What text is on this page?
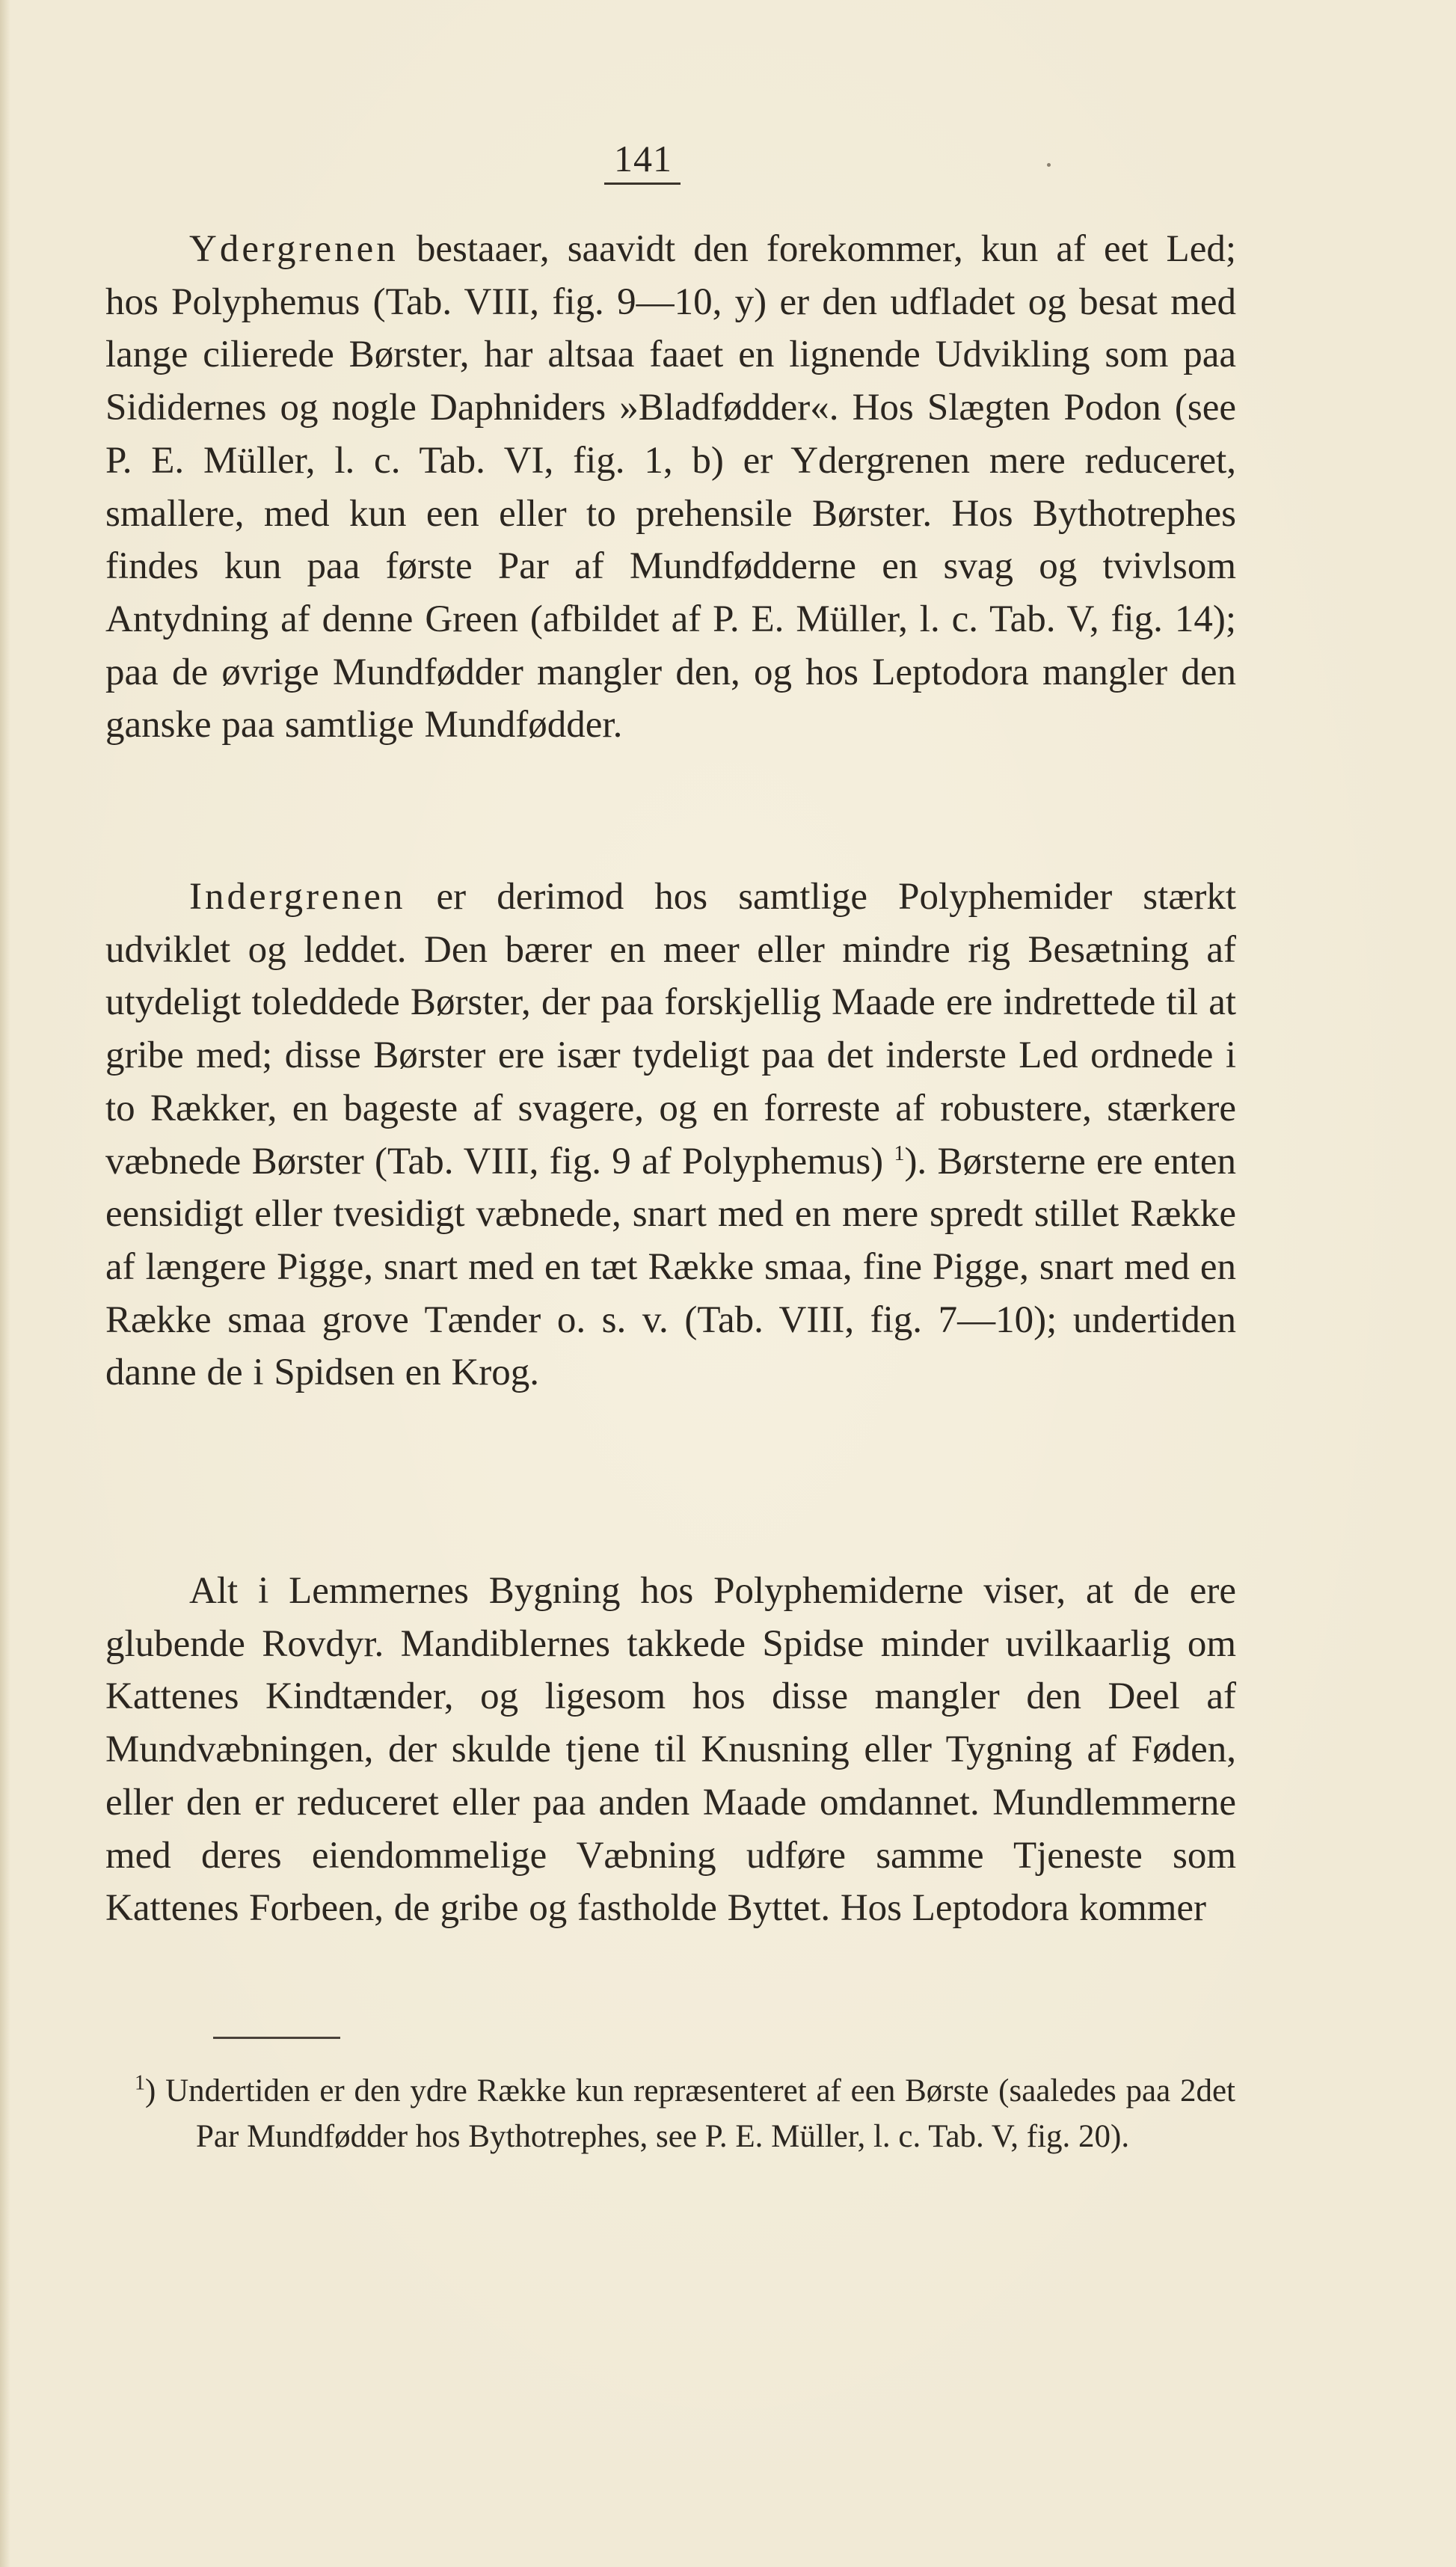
141

Ydergrenen bestaaer, saavidt den forekommer, kun af eet Led; hos Polyphemus (Tab. VIII, fig. 9—10, y) er den udfladet og besat med lange cilierede Børster, har altsaa faaet en lignende Udvikling som paa Sididernes og nogle Daphniders »Bladfødder«. Hos Slægten Podon (see P. E. Müller, l. c. Tab. VI, fig. 1, b) er Ydergrenen mere reduceret, smallere, med kun een eller to prehensile Børster. Hos Bythotrephes findes kun paa første Par af Mundfødderne en svag og tvivlsom Antydning af denne Green (afbildet af P. E. Müller, l. c. Tab. V, fig. 14); paa de øvrige Mundfødder mangler den, og hos Leptodora mangler den ganske paa samtlige Mundfødder.

Indergrenen er derimod hos samtlige Polyphemider stærkt udviklet og leddet. Den bærer en meer eller mindre rig Besætning af utydeligt toleddede Børster, der paa forskjellig Maade ere indrettede til at gribe med; disse Børster ere især tydeligt paa det inderste Led ordnede i to Rækker, en bageste af svagere, og en forreste af robustere, stærkere væbnede Børster (Tab. VIII, fig. 9 af Polyphemus) $^1$). Børsterne ere enten eensidigt eller tvesidigt væbnede, snart med en mere spredt stillet Række af længere Pigge, snart med en tæt Række smaa, fine Pigge, snart med en Række smaa grove Tænder o. s. v. (Tab. VIII, fig. 7—10); undertiden danne de i Spidsen en Krog.

Alt i Lemmernes Bygning hos Polyphemiderne viser, at de ere glubende Rovdyr. Mandiblernes takkede Spidse minder uvilkaarlig om Kattenes Kindtænder, og ligesom hos disse mangler den Deel af Mundvæbningen, der skulde tjene til Knusning eller Tygning af Føden, eller den er reduceret eller paa anden Maade omdannet. Mundlemmerne med deres eiendommelige Væbning udføre samme Tjeneste som Kattenes Forbeen, de gribe og fastholde Byttet. Hos Leptodora kommer

$^1$) Undertiden er den ydre Række kun repræsenteret af een Børste (saaledes paa 2det Par Mundfødder hos Bythotrephes, see P. E. Müller, l. c. Tab. V, fig. 20).
